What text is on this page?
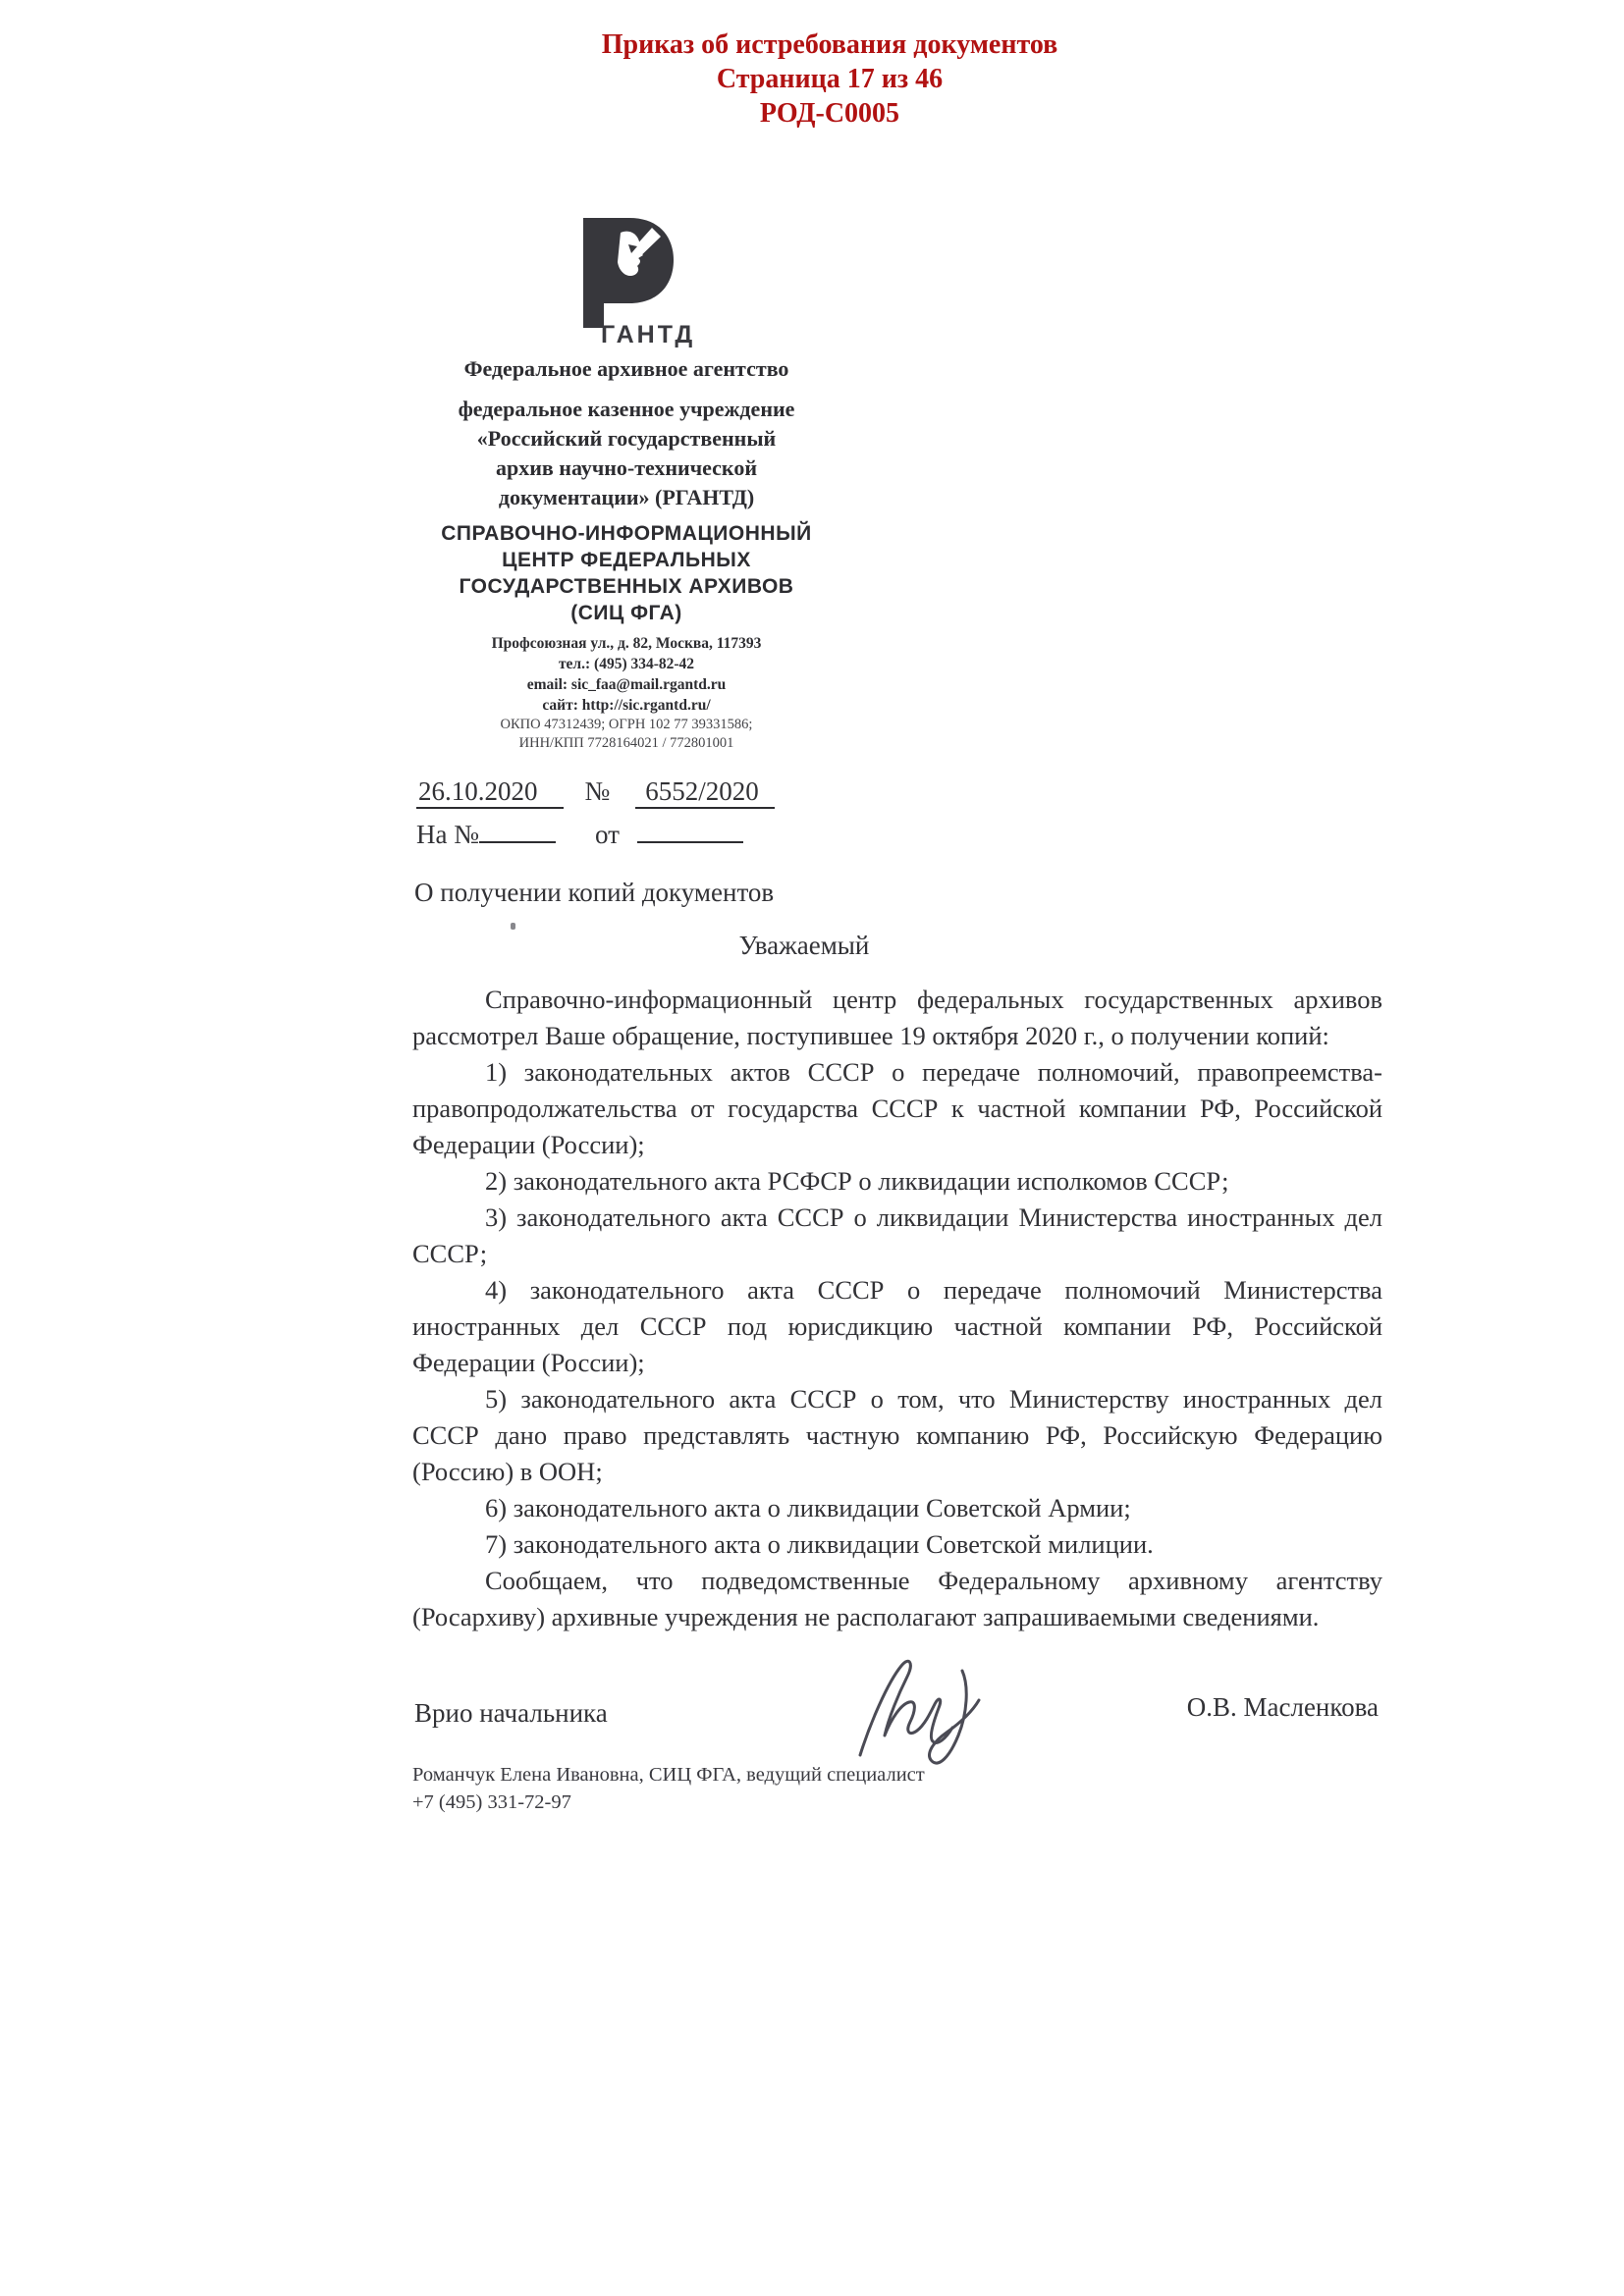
Приказ об истребования документов
Страница 17 из 46
РОД-С0005
ГАНТД
Федеральное архивное агентство
федеральное казенное учреждение
«Российский государственный
архив научно-технической
документации» (РГАНТД)
СПРАВОЧНО-ИНФОРМАЦИОННЫЙ
ЦЕНТР ФЕДЕРАЛЬНЫХ
ГОСУДАРСТВЕННЫХ АРХИВОВ
(СИЦ ФГА)
Профсоюзная ул., д. 82, Москва, 117393
тел.: (495) 334-82-42
email: sic_faa@mail.rgantd.ru
сайт: http://sic.rgantd.ru/
ОКПО 47312439; ОГРН 102 77 39331586;
ИНН/КПП 7728164021 / 772801001
26.10.2020 № 6552/2020
На №	от
О получении копий документов
Уважаемый

Справочно-информационный центр федеральных государственных архивов рассмотрел Ваше обращение, поступившее 19 октября 2020 г., о получении копий:

1) законодательных актов СССР о передаче полномочий, правопреемства-правопродолжательства от государства СССР к частной компании РФ, Российской Федерации (России);

2) законодательного акта РСФСР о ликвидации исполкомов СССР;

3) законодательного акта СССР о ликвидации Министерства иностранных дел СССР;

4) законодательного акта СССР о передаче полномочий Министерства иностранных дел СССР под юрисдикцию частной компании РФ, Российской Федерации (России);

5) законодательного акта СССР о том, что Министерству иностранных дел СССР дано право представлять частную компанию РФ, Российскую Федерацию (Россию) в ООН;

6) законодательного акта о ликвидации Советской Армии;

7) законодательного акта о ликвидации Советской милиции.

Сообщаем, что подведомственные Федеральному архивному агентству (Росархиву) архивные учреждения не располагают запрашиваемыми сведениями.

Врио начальника	О.В. Масленкова
Романчук Елена Ивановна, СИЦ ФГА, ведущий специалист
+7 (495) 331-72-97
